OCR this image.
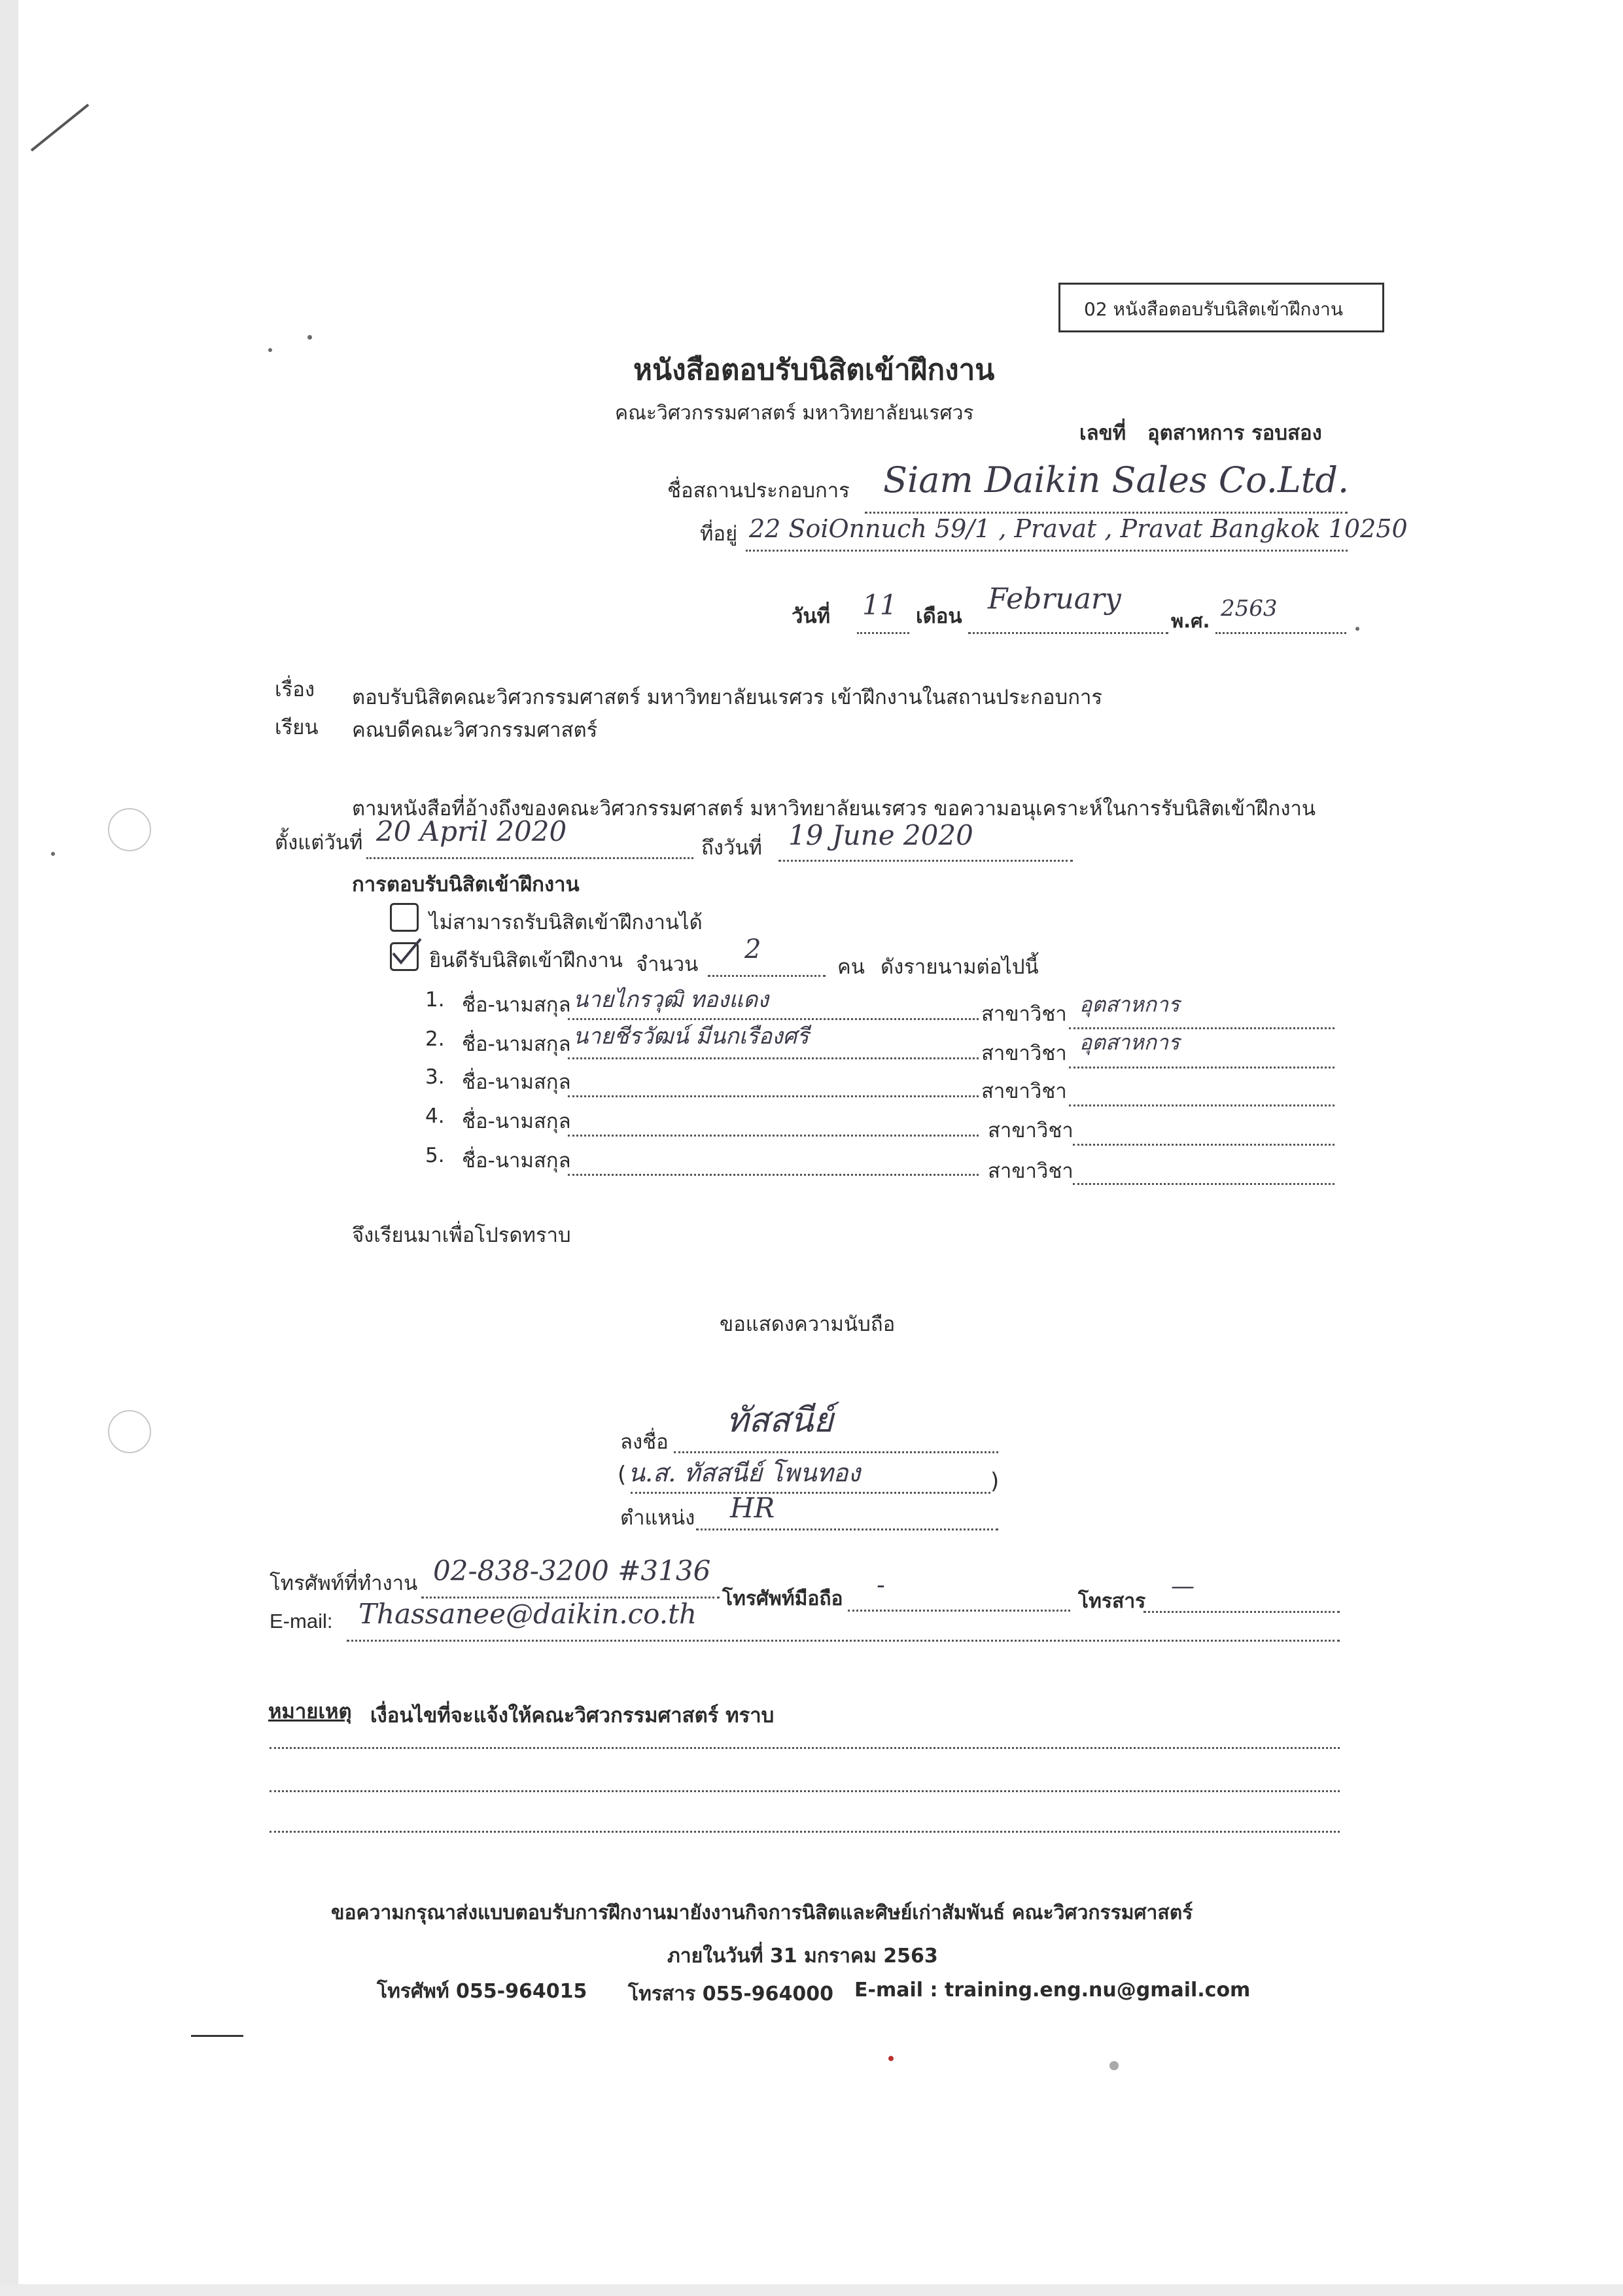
02 หนังสือตอบรับนิสิตเข้าฝึกงาน
หนังสือตอบรับนิสิตเข้าฝึกงาน
คณะวิศวกรรมศาสตร์ มหาวิทยาลัยนเรศวร
เลขที่ อุตสาหการ รอบสอง
ชื่อสถานประกอบการ Siam Daikin Sales Co.Ltd.
ที่อยู่ 22 SoiOnnuch 59/1 , Pravat , Pravat Bangkok 10250
วันที่ 11 เดือน
February
พ.ศ. 2563
เรื่อง ตอบรับนิสิตคณะวิศวกรรมศาสตร์ มหาวิทยาลัยนเรศวร เข้าฝึกงานในสถานประกอบการ
เรียน คณบดีคณะวิศวกรรมศาสตร์
ตามหนังสือที่อ้างถึงของคณะวิศวกรรมศาสตร์ มหาวิทยาลัยนเรศวร ขอความอนุเคราะห์ในการรับนิสิตเข้าฝึกงาน
ตั้งแต่วันที่ 20 April 2020
ถึงวันที่ 19 June 2020
การตอบรับนิสิตเข้าฝึกงาน
ไม่สามารถรับนิสิตเข้าฝึกงานได้
ยินดีรับนิสิตเข้าฝึกงาน จำนวน 2
คน ดังรายนามต่อไปนี้
1. ชื่อ-นามสกุล นายไกรวุฒิ ทองแดง
สาขาวิชา อุตสาหการ
2. ชื่อ-นามสกุล นายชีรวัฒน์ มีนกเรืองศรี
สาขาวิชา อุตสาหการ
3. ชื่อ-นามสกุล	สาขาวิชา
4. ชื่อ-นามสกุล	สาขาวิชา
5. ชื่อ-นามสกุล	สาขาวิชา
จึงเรียนมาเพื่อโปรดทราบ
ขอแสดงความนับถือ
ลงชื่อ
ทัสสนีย์
( น.ส. ทัสสนีย์ โพนทอง	)
ตำแหน่ง HR
โทรศัพท์ที่ทำงาน 02-838-3200 #3136
โทรศัพท์มือถือ -
โทรสาร
—
E-mail: Thassanee@daikin.co.th
หมายเหตุ เงื่อนไขที่จะแจ้งให้คณะวิศวกรรมศาสตร์ ทราบ
ขอความกรุณาส่งแบบตอบรับการฝึกงานมายังงานกิจการนิสิตและศิษย์เก่าสัมพันธ์ คณะวิศวกรรมศาสตร์
ภายในวันที่ 31 มกราคม 2563
โทรศัพท์ 055-964015 โทรสาร 055-964000 E-mail : training.eng.nu@gmail.com
